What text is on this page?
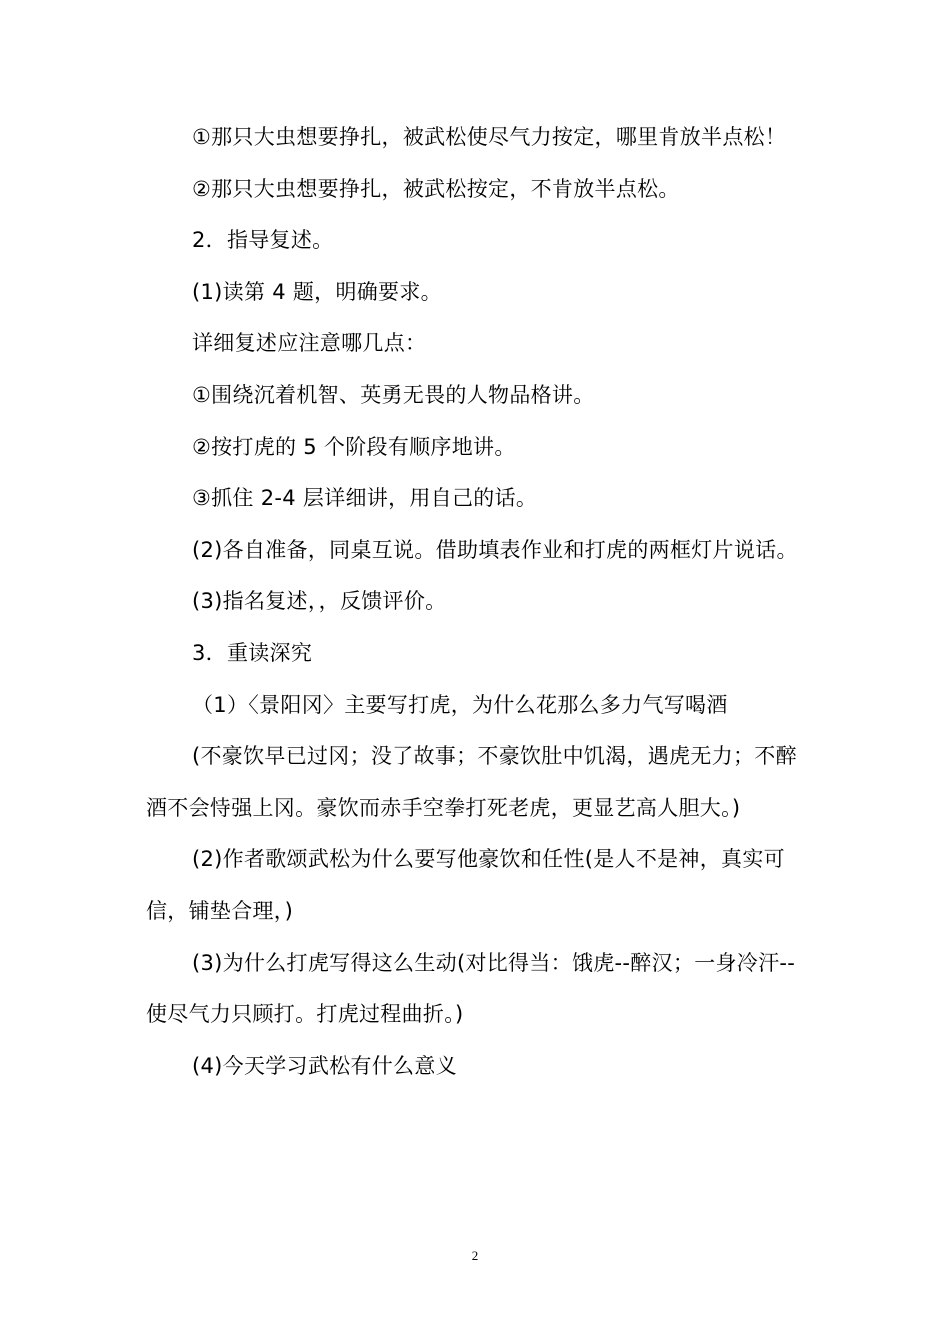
①那只大虫想要挣扎，被武松使尽气力按定，哪里肯放半点松！

②那只大虫想要挣扎，被武松按定，不肯放半点松。

2．指导复述。

(1)读第 4 题，明确要求。

详细复述应注意哪几点：

①围绕沉着机智、英勇无畏的人物品格讲。

②按打虎的 5 个阶段有顺序地讲。

③抓住 2-4 层详细讲，用自己的话。

(2)各自准备，同桌互说。借助填表作业和打虎的两框灯片说话。

(3)指名复述，，反馈评价。

3．重读深究

（1）〈景阳冈〉主要写打虎，为什么花那么多力气写喝酒

(不豪饮早已过冈；没了故事；不豪饮肚中饥渴，遇虎无力；不醉酒不会恃强上冈。豪饮而赤手空拳打死老虎，更显艺高人胆大。)

(2)作者歌颂武松为什么要写他豪饮和任性(是人不是神，真实可信，铺垫合理，)

(3)为什么打虎写得这么生动(对比得当：饿虎--醉汉；一身冷汗--使尽气力只顾打。打虎过程曲折。)

(4)今天学习武松有什么意义

2
